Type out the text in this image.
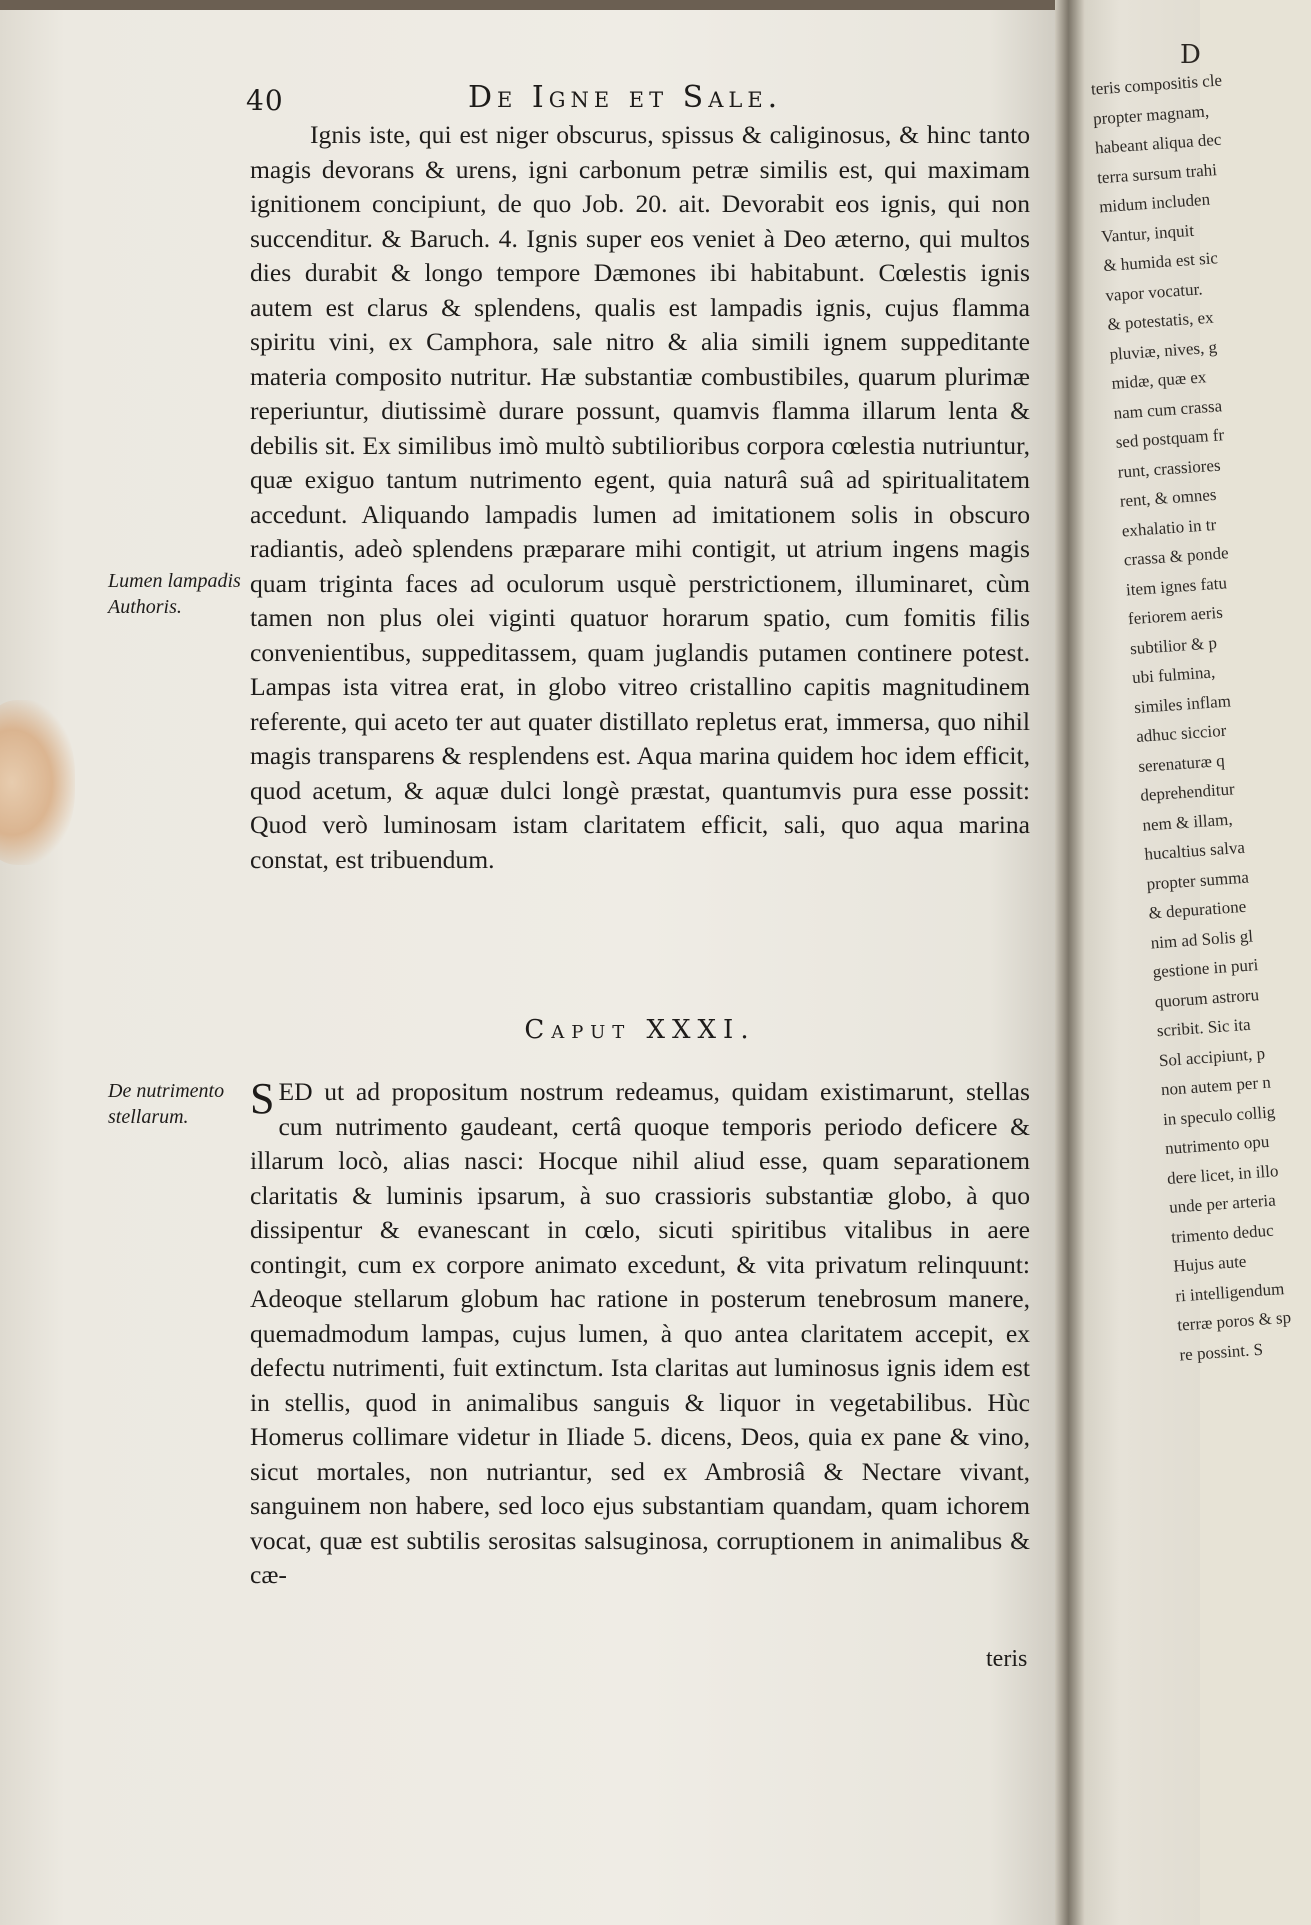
40	De Igne et Sale.

Ignis iste, qui est niger obscurus, spissus & caliginosus, & hinc tanto magis devorans & urens, igni carbonum petræ similis est, qui maximam ignitionem concipiunt, de quo Job. 20. ait. Devorabit eos ignis, qui non succenditur. & Baruch. 4. Ignis super eos veniet à Deo æterno, qui multos dies durabit & longo tempore Dæmones ibi habitabunt. Cœlestis ignis autem est clarus & splendens, qualis est lampadis ignis, cujus flamma spiritu vini, ex Camphora, sale nitro & alia simili ignem suppeditante materia composito nutritur. Hæ substantiæ combustibiles, quarum plurimæ reperiuntur, diutissimè durare possunt, quamvis flamma illarum lenta & debilis sit. Ex similibus imò multò subtilioribus corpora cœlestia nutriuntur, quæ exiguo tantum nutrimento egent, quia naturâ suâ ad spiritualitatem accedunt. Aliquando lampadis lumen ad imitationem solis in obscuro radiantis, adeò splendens præparare mihi contigit, ut atrium ingens magis quam triginta faces ad oculorum usquè perstrictionem, illuminaret, cùm tamen non plus olei viginti quatuor horarum spatio, cum fomitis filis convenientibus, suppeditassem, quam juglandis putamen continere potest. Lampas ista vitrea erat, in globo vitreo cristallino capitis magnitudinem referente, qui aceto ter aut quater distillato repletus erat, immersa, quo nihil magis transparens & resplendens est. Aqua marina quidem hoc idem efficit, quod acetum, & aquæ dulci longè præstat, quantumvis pura esse possit: Quod verò luminosam istam claritatem efficit, sali, quo aqua marina constat, est tribuendum.

Lumen lampadis Authoris.
Caput XXXI.
De nutrimento stellarum.	SED ut ad propositum nostrum redeamus, quidam existimarunt, stellas cum nutrimento gaudeant, certâ quoque temporis periodo deficere & illarum locò, alias nasci: Hocque nihil aliud esse, quam separationem claritatis & luminis ipsarum, à suo crassioris substantiæ globo, à quo dissipentur & evanescant in cœlo, sicuti spiritibus vitalibus in aere contingit, cum ex corpore animato excedunt, & vita privatum relinquunt: Adeoque stellarum globum hac ratione in posterum tenebrosum manere, quemadmodum lampas, cujus lumen, à quo antea claritatem accepit, ex defectu nutrimenti, fuit extinctum. Ista claritas aut luminosus ignis idem est in stellis, quod in animalibus sanguis & liquor in vegetabilibus. Hùc Homerus collimare videtur in Iliade 5. dicens, Deos, quia ex pane & vino, sicut mortales, non nutriantur, sed ex Ambrosiâ & Nectare vivant, sanguinem non habere, sed loco ejus substantiam quandam, quam ichorem vocat, quæ est subtilis serositas salsuginosa, corruptionem in animalibus & cæ-

teris
D
teris compositis cle
propter magnam,
habeant aliqua dec
terra sursum trahi
midum includen
Vantur, inquit
& humida est sic
vapor vocatur.
& potestatis, ex
pluviæ, nives, g
midæ, quæ ex
nam cum crassa
sed postquam fr
runt, crassiores
rent, & omnes
exhalatio in tr
crassa & ponde
item ignes fatu
feriorem aeris
subtilior & p
ubi fulmina,
similes inflam
adhuc siccior
serenaturæ q
deprehenditur
nem & illam,
hucaltius salva
propter summa
& depuratione
nim ad Solis gl
gestione in puri
quorum astroru
scribit. Sic ita
Sol accipiunt, p
non autem per n
in speculo collig
nutrimento opu
dere licet, in illo
unde per arteria
trimento deduc
Hujus aute
ri intelligendum
terræ poros & sp
re possint. S
